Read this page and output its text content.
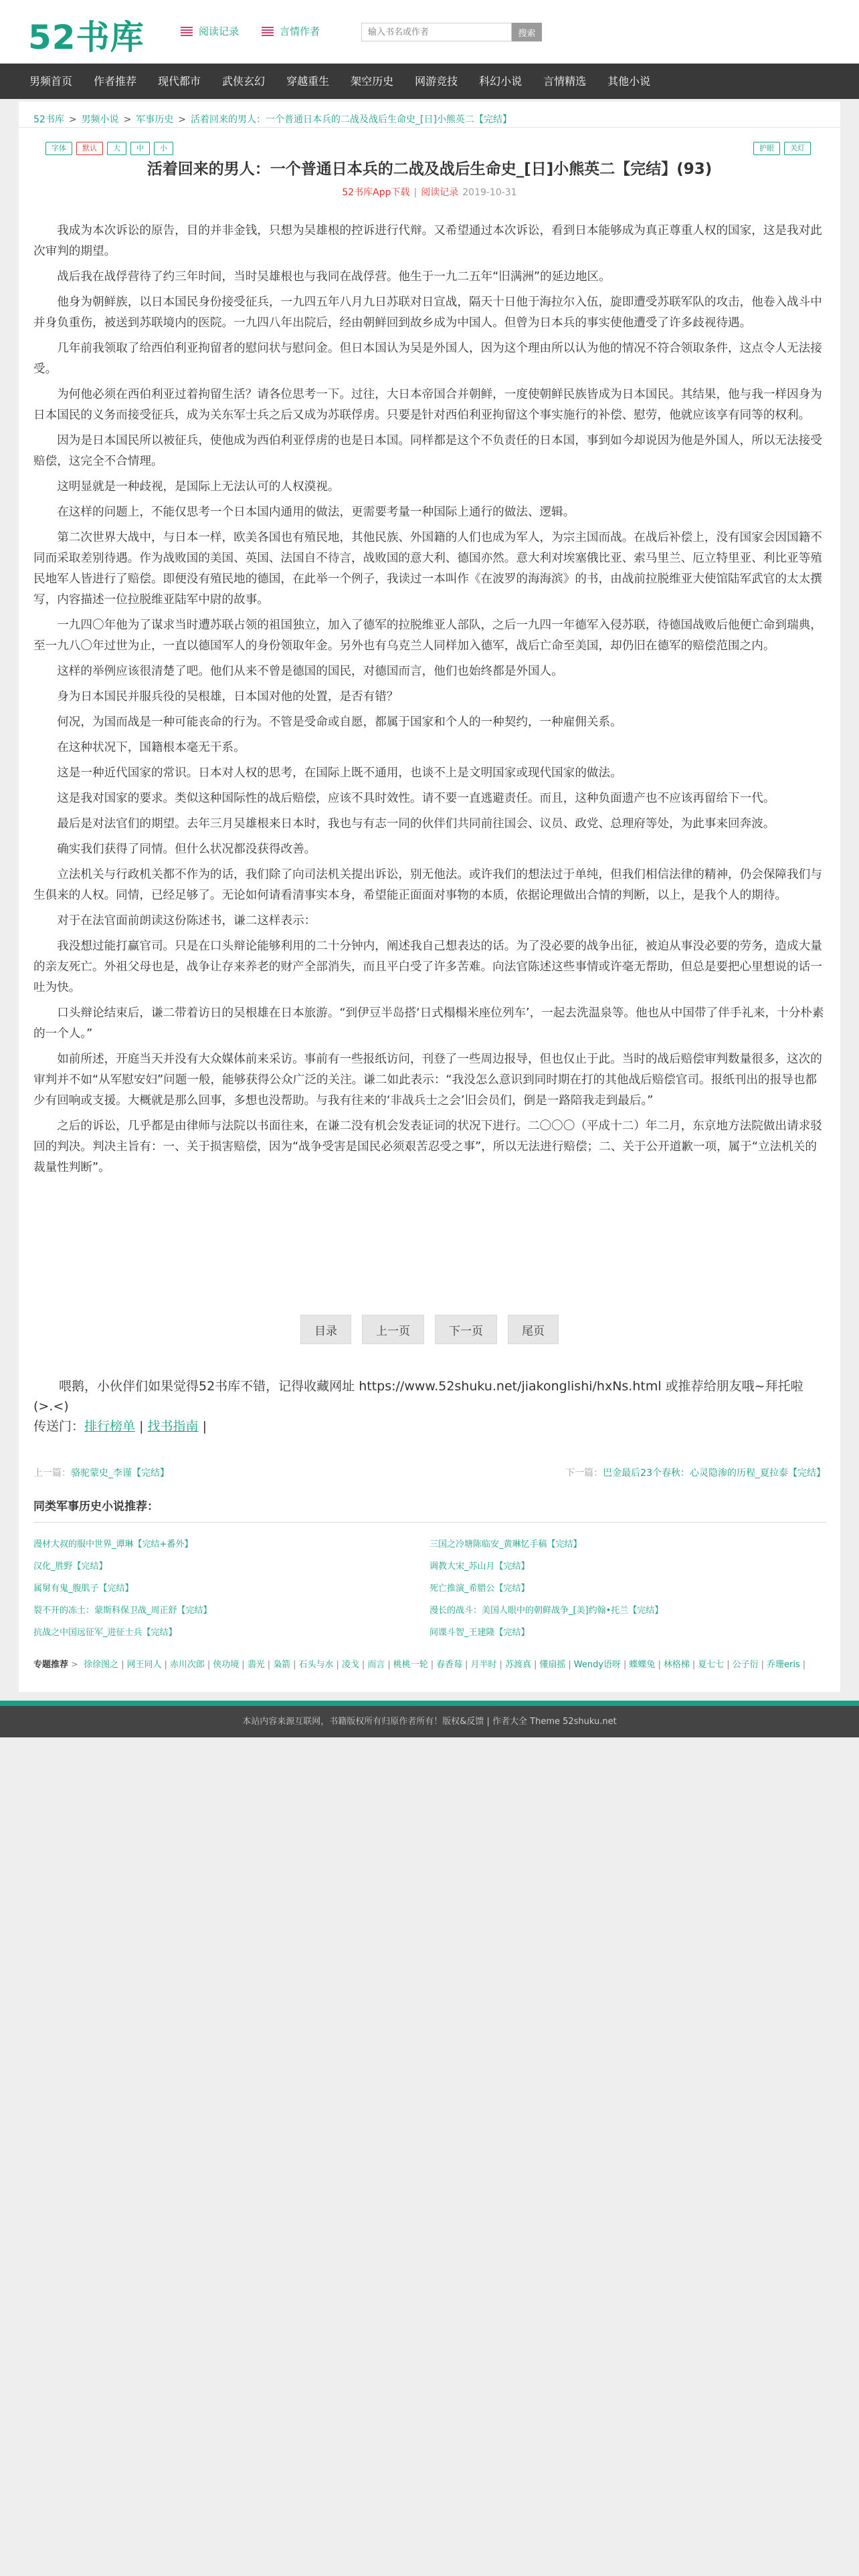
52书库	阅读记录	言情作者
输入书名或作者	搜索
男频首页	作者推荐	现代都市	武侠玄幻	穿越重生	架空历史	网游竞技	科幻小说	言情精选	其他小说
52书库 > 男频小说 > 军事历史 > 活着回来的男人：一个普通日本兵的二战及战后生命史_[日]小熊英二【完结】
字体	默认	大	中	小	护眼	关灯
活着回来的男人：一个普通日本兵的二战及战后生命史_[日]小熊英二【完结】(93)
52书库App下载 | 阅读记录 2019-10-31

我成为本次诉讼的原告，目的并非金钱，只想为吴雄根的控诉进行代辩。又希望通过本次诉讼，看到日本能够成为真正尊重人权的国家，这是我对此次审判的期望。

战后我在战俘营待了约三年时间，当时吴雄根也与我同在战俘营。他生于一九二五年“旧满洲”的延边地区。

他身为朝鲜族，以日本国民身份接受征兵，一九四五年八月九日苏联对日宣战，隔天十日他于海拉尔入伍，旋即遭受苏联军队的攻击，他卷入战斗中并身负重伤，被送到苏联境内的医院。一九四八年出院后，经由朝鲜回到故乡成为中国人。但曾为日本兵的事实使他遭受了许多歧视待遇。

几年前我领取了给西伯利亚拘留者的慰问状与慰问金。但日本国认为吴是外国人，因为这个理由所以认为他的情况不符合领取条件，这点令人无法接受。

为何他必须在西伯利亚过着拘留生活？请各位思考一下。过往，大日本帝国合并朝鲜，一度使朝鲜民族皆成为日本国民。其结果，他与我一样因身为日本国民的义务而接受征兵，成为关东军士兵之后又成为苏联俘虏。只要是针对西伯利亚拘留这个事实施行的补偿、慰劳，他就应该享有同等的权利。

因为是日本国民所以被征兵，使他成为西伯利亚俘虏的也是日本国。同样都是这个不负责任的日本国，事到如今却说因为他是外国人，所以无法接受赔偿，这完全不合情理。

这明显就是一种歧视，是国际上无法认可的人权漠视。

在这样的问题上，不能仅思考一个日本国内通用的做法，更需要考量一种国际上通行的做法、逻辑。

第二次世界大战中，与日本一样，欧美各国也有殖民地，其他民族、外国籍的人们也成为军人，为宗主国而战。在战后补偿上，没有国家会因国籍不同而采取差别待遇。作为战败国的美国、英国、法国自不待言，战败国的意大利、德国亦然。意大利对埃塞俄比亚、索马里兰、厄立特里亚、利比亚等殖民地军人皆进行了赔偿。即便没有殖民地的德国，在此举一个例子，我读过一本叫作《在波罗的海海滨》的书，由战前拉脱维亚大使馆陆军武官的太太撰写，内容描述一位拉脱维亚陆军中尉的故事。

一九四〇年他为了谋求当时遭苏联占领的祖国独立，加入了德军的拉脱维亚人部队，之后一九四一年德军入侵苏联，待德国战败后他便亡命到瑞典，至一九八〇年过世为止，一直以德国军人的身份领取年金。另外也有乌克兰人同样加入德军，战后亡命至美国，却仍旧在德军的赔偿范围之内。

这样的举例应该很清楚了吧。他们从来不曾是德国的国民，对德国而言，他们也始终都是外国人。

身为日本国民并服兵役的吴根雄，日本国对他的处置，是否有错？

何况，为国而战是一种可能丧命的行为。不管是受命或自愿，都属于国家和个人的一种契约，一种雇佣关系。

在这种状况下，国籍根本毫无干系。

这是一种近代国家的常识。日本对人权的思考，在国际上既不通用，也谈不上是文明国家或现代国家的做法。

这是我对国家的要求。类似这种国际性的战后赔偿，应该不具时效性。请不要一直逃避责任。而且，这种负面遗产也不应该再留给下一代。

最后是对法官们的期望。去年三月吴雄根来日本时，我也与有志一同的伙伴们共同前往国会、议员、政党、总理府等处，为此事来回奔波。

确实我们获得了同情。但什么状况都没获得改善。

立法机关与行政机关都不作为的话，我们除了向司法机关提出诉讼，别无他法。或许我们的想法过于单纯，但我们相信法律的精神，仍会保障我们与生俱来的人权。同情，已经足够了。无论如何请看清事实本身，希望能正面面对事物的本质，依据论理做出合情的判断，以上，是我个人的期待。

对于在法官面前朗读这份陈述书，谦二这样表示：

我没想过能打赢官司。只是在口头辩论能够利用的二十分钟内，阐述我自己想表达的话。为了没必要的战争出征，被迫从事没必要的劳务，造成大量的亲友死亡。外祖父母也是，战争让存来养老的财产全部消失，而且平白受了许多苦难。向法官陈述这些事情或许毫无帮助，但总是要把心里想说的话一吐为快。

口头辩论结束后，谦二带着访日的吴根雄在日本旅游。“到伊豆半岛搭‘日式榻榻米座位列车’，一起去洗温泉等。他也从中国带了伴手礼来，十分朴素的一个人。”

如前所述，开庭当天并没有大众媒体前来采访。事前有一些报纸访问，刊登了一些周边报导，但也仅止于此。当时的战后赔偿审判数量很多，这次的审判并不如“从军慰安妇”问题一般，能够获得公众广泛的关注。谦二如此表示：“我没怎么意识到同时期在打的其他战后赔偿官司。报纸刊出的报导也都少有回响或支援。大概就是那么回事，多想也没帮助。与我有往来的‘非战兵士之会’旧会员们，倒是一路陪我走到最后。”

之后的诉讼，几乎都是由律师与法院以书面往来，在谦二没有机会发表证词的状况下进行。二〇〇〇（平成十二）年二月，东京地方法院做出请求驳回的判决。判决主旨有：一、关于损害赔偿，因为“战争受害是国民必须艰苦忍受之事”，所以无法进行赔偿；二、关于公开道歉一项，属于“立法机关的裁量性判断”。

目录	上一页	下一页	尾页

喂鹅，小伙伴们如果觉得52书库不错，记得收藏网址 https://www.52shuku.net/jiakonglishi/hxNs.html 或推荐给朋友哦~拜托啦 (>.<)

传送门：排行榜单 | 找书指南 |
上一篇：骆驼蒙史_李谨【完结】	下一篇：巴金最后23个春秋：心灵隐渗的历程_夏拉泰【完结】
同类军事历史小说推荐：
漫材大叔的服中世界_谭琳【完结+番外】	三国之冷塘陈临安_黄琳忆手稿【完结】
汉化_胜野【完结】	调教大宋_苏山月【完结】
属舅有鬼_腹肌子【完结】	死亡推演_希腊公【完结】
裂不开的冻土：蒙斯科保卫战_周正舒【完结】	漫长的战斗：美国人眼中的朝鲜战争_[美]约翰•托兰【完结】
抗战之中国远征军_进征士兵【完结】	间谍斗智_王建隆【完结】
专题推荐 > 徐徐图之 | 网王同人 | 赤川次郎 | 侠功境 | 翡光 | 枭箭 | 石头与水 | 凌戈 | 而言 | 桃桃一轮 | 春香莓 | 月半时 | 苏渡真 | 懂扇摇 | Wendy语呀 | 蝶蝶兔 | 林格梯 | 夏七七 | 公子衍 | 乔珊eris |
本站内容来源互联网，书籍版权所有归原作者所有！版权&反馈 | 作者大全 Theme 52shuku.net
